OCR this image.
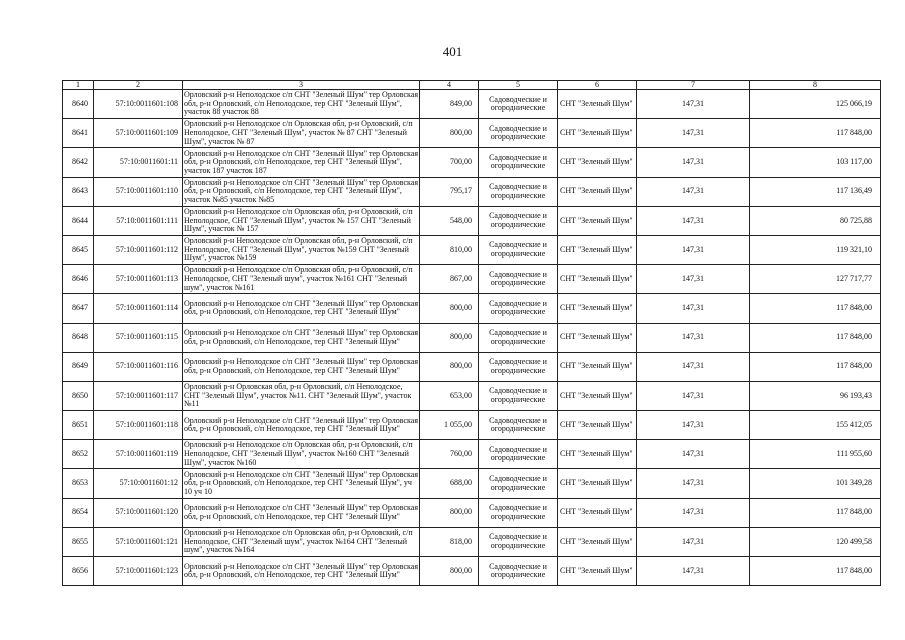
401
1	2	3	4	5	6	7	8
8640	57:10:0011601:108	Орловский р-н Неполодское с/п СНТ "Зеленый Шум" тер Орловская обл, р-н Орловский, с/п Неполодское, тер СНТ "Зеленый Шум", участок 88 участок 88	849,00	Садоводческие и огороднические	СНТ "Зеленый Шум"	147,31	125 066,19
8641	57:10:0011601:109	Орловский р-н Неполодское с/п Орловская обл, р-н Орловский, с/п Неполодское, СНТ "Зеленый Шум", участок № 87 СНТ "Зеленый Шум", участок № 87	800,00	Садоводческие и огороднические	СНТ "Зеленый Шум"	147,31	117 848,00
8642	57:10:0011601:11	Орловский р-н Неполодское с/п СНТ "Зеленый Шум" тер Орловская обл, р-н Орловский, с/п Неполодское, тер СНТ "Зеленый Шум", участок 187 участок 187	700,00	Садоводческие и огороднические	СНТ "Зеленый Шум"	147,31	103 117,00
8643	57:10:0011601:110	Орловский р-н Неполодское с/п СНТ "Зеленый Шум" тер Орловская обл, р-н Орловский, с/п Неполодское, тер СНТ "Зеленый Шум", участок №85 участок №85	795,17	Садоводческие и огороднические	СНТ "Зеленый Шум"	147,31	117 136,49
8644	57:10:0011601:111	Орловский р-н Неполодское с/п Орловская обл, р-н Орловский, с/п Неполодское, СНТ "Зеленый Шум", участок № 157 СНТ "Зеленый Шум", участок № 157	548,00	Садоводческие и огороднические	СНТ "Зеленый Шум"	147,31	80 725,88
8645	57:10:0011601:112	Орловский р-н Неполодское с/п Орловская обл, р-н Орловский, с/п Неполодское, СНТ "Зеленый Шум", участок №159 СНТ "Зеленый Шум", участок №159	810,00	Садоводческие и огороднические	СНТ "Зеленый Шум"	147,31	119 321,10
8646	57:10:0011601:113	Орловский р-н Неполодское с/п Орловская обл, р-н Орловский, с/п Неполодское, СНТ "Зеленый шум", участок №161 СНТ "Зеленый шум", участок №161	867,00	Садоводческие и огороднические	СНТ "Зеленый Шум"	147,31	127 717,77
8647	57:10:0011601:114	Орловский р-н Неполодское с/п СНТ "Зеленый Шум" тер Орловская обл, р-н Орловский, с/п Неполодское, тер СНТ "Зеленый Шум"	800,00	Садоводческие и огороднические	СНТ "Зеленый Шум"	147,31	117 848,00
8648	57:10:0011601:115	Орловский р-н Неполодское с/п СНТ "Зеленый Шум" тер Орловская обл, р-н Орловский, с/п Неполодское, тер СНТ "Зеленый Шум"	800,00	Садоводческие и огороднические	СНТ "Зеленый Шум"	147,31	117 848,00
8649	57:10:0011601:116	Орловский р-н Неполодское с/п СНТ "Зеленый Шум" тер Орловская обл, р-н Орловский, с/п Неполодское, тер СНТ "Зеленый Шум"	800,00	Садоводческие и огороднические	СНТ "Зеленый Шум"	147,31	117 848,00
8650	57:10:0011601:117	Орловский р-н Орловская обл, р-н Орловский, с/п Неполодское, СНТ "Зеленый Шум", участок №11. СНТ "Зеленый Шум", участок №11	653,00	Садоводческие и огороднические	СНТ "Зеленый Шум"	147,31	96 193,43
8651	57:10:0011601:118	Орловский р-н Неполодское с/п СНТ "Зеленый Шум" тер Орловская обл, р-н Орловский, с/п Неполодское, тер СНТ "Зеленый Шум"	1 055,00	Садоводческие и огороднические	СНТ "Зеленый Шум"	147,31	155 412,05
8652	57:10:0011601:119	Орловский р-н Неполодское с/п Орловская обл, р-н Орловский, с/п Неполодское, СНТ "Зеленый Шум", участок №160 СНТ "Зеленый Шум", участок №160	760,00	Садоводческие и огороднические	СНТ "Зеленый Шум"	147,31	111 955,60
8653	57:10:0011601:12	Орловский р-н Неполодское с/п СНТ "Зеленый Шум" тер Орловская обл, р-н Орловский, с/п Неполодское, тер СНТ "Зеленый Шум", уч 10 уч 10	688,00	Садоводческие и огороднические	СНТ "Зеленый Шум"	147,31	101 349,28
8654	57:10:0011601:120	Орловский р-н Неполодское с/п СНТ "Зеленый Шум" тер Орловская обл, р-н Орловский, с/п Неполодское, тер СНТ "Зеленый Шум"	800,00	Садоводческие и огороднические	СНТ "Зеленый Шум"	147,31	117 848,00
8655	57:10:0011601:121	Орловский р-н Неполодское с/п Орловская обл, р-н Орловский, с/п Неполодское, СНТ "Зеленый шум", участок №164 СНТ "Зеленый шум", участок №164	818,00	Садоводческие и огороднические	СНТ "Зеленый Шум"	147,31	120 499,58
8656	57:10:0011601:123	Орловский р-н Неполодское с/п СНТ "Зеленый Шум" тер Орловская обл, р-н Орловский, с/п Неполодское, тер СНТ "Зеленый Шум"	800,00	Садоводческие и огороднические	СНТ "Зеленый Шум"	147,31	117 848,00
